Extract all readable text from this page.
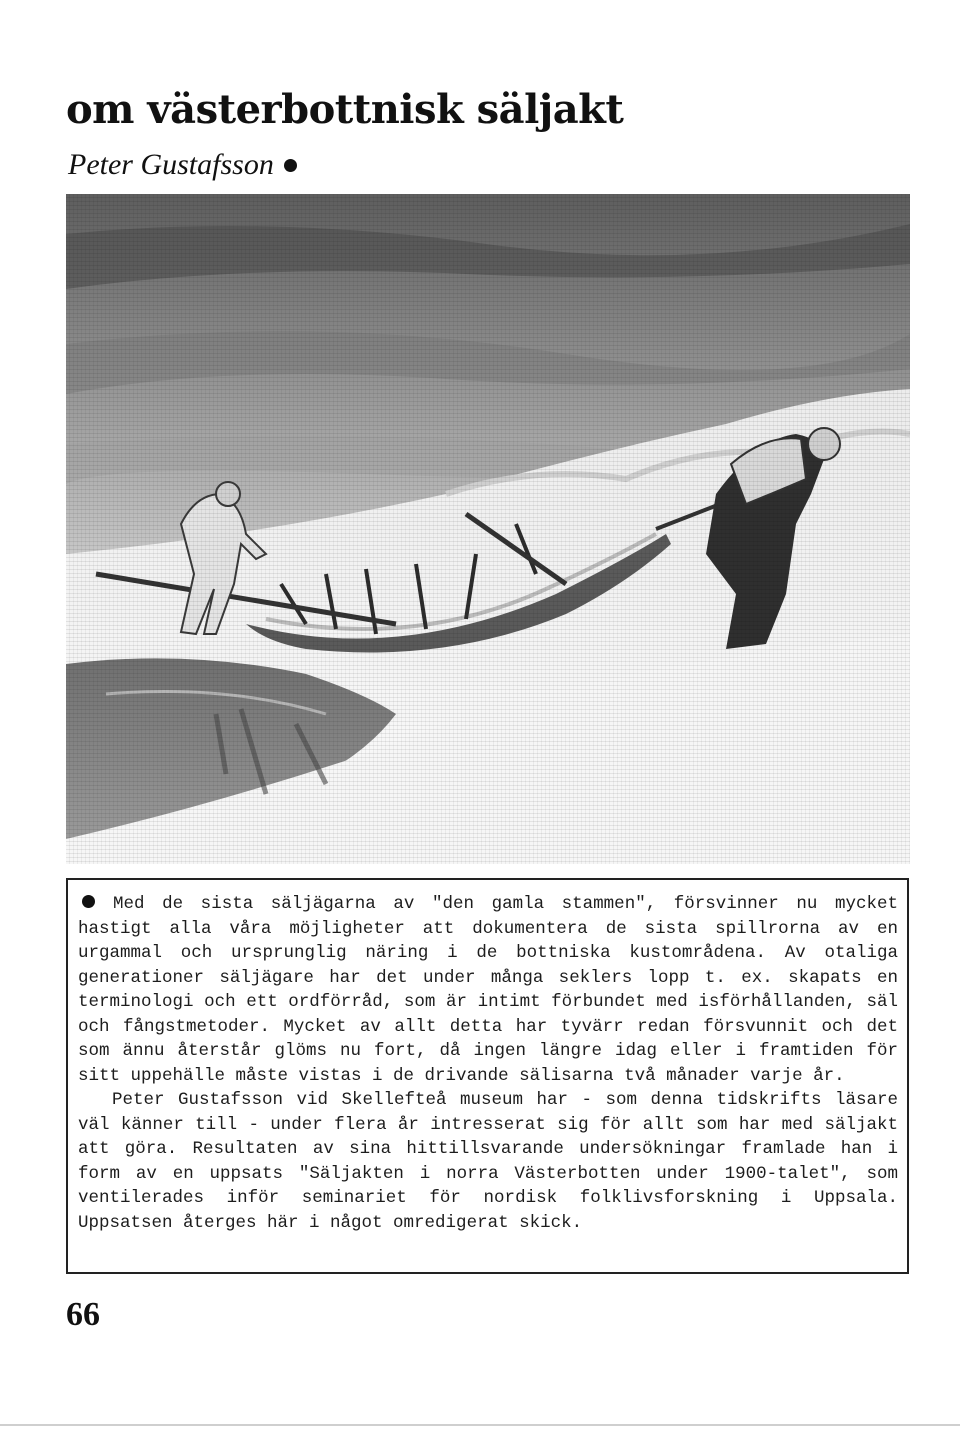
om västerbottnisk säljakt
Peter Gustafsson

Med de sista säljägarna av "den gamla stammen", försvinner nu mycket hastigt alla våra möjligheter att dokumentera de sista spillrorna av en urgammal och ursprunglig näring i de bottniska kustområdena. Av otaliga generationer säljägare har det under många seklers lopp t. ex. skapats en terminologi och ett ordförråd, som är intimt förbundet med isförhållanden, säl och fångstmetoder. Mycket av allt detta har tyvärr redan försvunnit och det som ännu återstår glöms nu fort, då ingen längre idag eller i framtiden för sitt uppehälle måste vistas i de drivande sälisarna två månader varje år.

Peter Gustafsson vid Skellefteå museum har - som denna tidskrifts läsare väl känner till - under flera år intresserat sig för allt som har med säljakt att göra. Resultaten av sina hittillsvarande undersökningar framlade han i form av en uppsats "Säljakten i norra Västerbotten under 1900-talet", som ventilerades inför seminariet för nordisk folklivsforskning i Uppsala. Uppsatsen återges här i något omredigerat skick.

66
